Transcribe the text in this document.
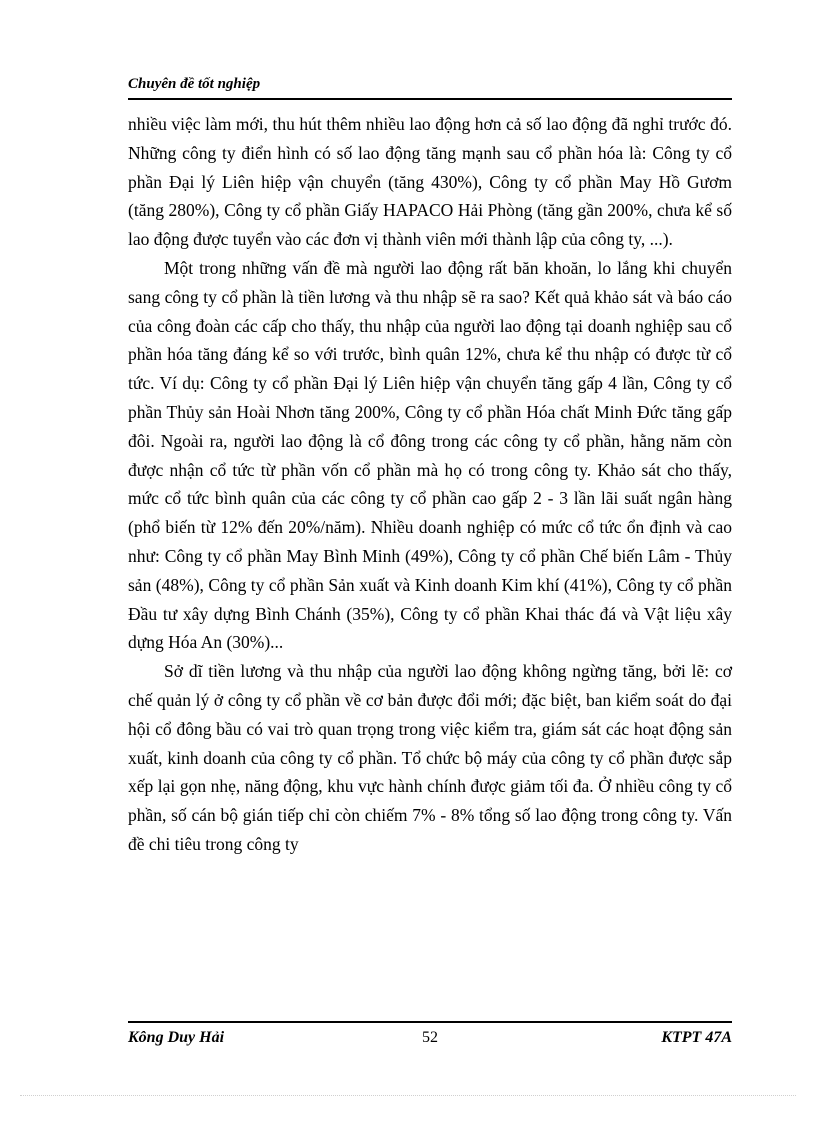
Chuyên đề tốt nghiệp

nhiều việc làm mới, thu hút thêm nhiều lao động hơn cả số lao động đã nghỉ trước đó. Những công ty điển hình có số lao động tăng mạnh sau cổ phần hóa là: Công ty cổ phần Đại lý Liên hiệp vận chuyển (tăng 430%), Công ty cổ phần May Hồ Gươm (tăng 280%), Công ty cổ phần Giấy HAPACO Hải Phòng (tăng gần 200%, chưa kể số lao động được tuyển vào các đơn vị thành viên mới thành lập của công ty, ...).

Một trong những vấn đề mà người lao động rất băn khoăn, lo lắng khi chuyển sang công ty cổ phần là tiền lương và thu nhập sẽ ra sao? Kết quả khảo sát và báo cáo của công đoàn các cấp cho thấy, thu nhập của người lao động tại doanh nghiệp sau cổ phần hóa tăng đáng kể so với trước, bình quân 12%, chưa kể thu nhập có được từ cổ tức. Ví dụ: Công ty cổ phần Đại lý Liên hiệp vận chuyển tăng gấp 4 lần, Công ty cổ phần Thủy sản Hoài Nhơn tăng 200%, Công ty cổ phần Hóa chất Minh Đức tăng gấp đôi. Ngoài ra, người lao động là cổ đông trong các công ty cổ phần, hằng năm còn được nhận cổ tức từ phần vốn cổ phần mà họ có trong công ty. Khảo sát cho thấy, mức cổ tức bình quân của các công ty cổ phần cao gấp 2 - 3 lần lãi suất ngân hàng (phổ biến từ 12% đến 20%/năm). Nhiều doanh nghiệp có mức cổ tức ổn định và cao như: Công ty cổ phần May Bình Minh (49%), Công ty cổ phần Chế biến Lâm - Thủy sản (48%), Công ty cổ phần Sản xuất và Kinh doanh Kim khí (41%), Công ty cổ phần Đầu tư xây dựng Bình Chánh (35%), Công ty cổ phần Khai thác đá và Vật liệu xây dựng Hóa An (30%)...

Sở dĩ tiền lương và thu nhập của người lao động không ngừng tăng, bởi lẽ: cơ chế quản lý ở công ty cổ phần về cơ bản được đổi mới; đặc biệt, ban kiểm soát do đại hội cổ đông bầu có vai trò quan trọng trong việc kiểm tra, giám sát các hoạt động sản xuất, kinh doanh của công ty cổ phần. Tổ chức bộ máy của công ty cổ phần được sắp xếp lại gọn nhẹ, năng động, khu vực hành chính được giảm tối đa. Ở nhiều công ty cổ phần, số cán bộ gián tiếp chỉ còn chiếm 7% - 8% tổng số lao động trong công ty. Vấn đề chi tiêu trong công ty

Kông Duy Hải	52	KTPT 47A
